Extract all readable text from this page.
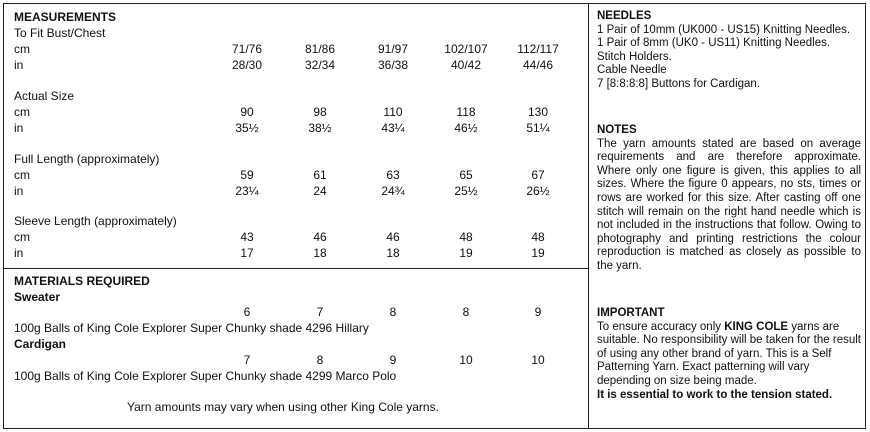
MEASUREMENTS
To Fit Bust/Chest
cm	71/76	81/86	91/97	102/107	112/117
in	28/30	32/34	36/38	40/42	44/46
Actual Size
cm	90	98	110	118	130
in	35½	38½	43¼	46½	51¼
Full Length (approximately)
cm	59	61	63	65	67
in	23¼	24	24¾	25½	26½
Sleeve Length (approximately)
cm	43	46	46	48	48
in	17	18	18	19	19
MATERIALS REQUIRED
Sweater
6	7	8	8	9
100g Balls of King Cole Explorer Super Chunky shade 4296 Hillary
Cardigan
7	8	9	10	10
100g Balls of King Cole Explorer Super Chunky shade 4299 Marco Polo
Yarn amounts may vary when using other King Cole yarns.

NEEDLES

1 Pair of 10mm (UK000 - US15) Knitting Needles.

1 Pair of 8mm (UK0 - US11) Knitting Needles.

Stitch Holders.

Cable Needle

7 [8:8:8:8] Buttons for Cardigan.

NOTES

The yarn amounts stated are based on average requirements and are therefore approximate. Where only one figure is given, this applies to all sizes. Where the figure 0 appears, no sts, times or rows are worked for this size. After casting off one stitch will remain on the right hand needle which is not included in the instructions that follow. Owing to photography and printing restrictions the colour reproduction is matched as closely as possible to the yarn.

IMPORTANT

To ensure accuracy only KING COLE yarns are suitable. No responsibility will be taken for the result of using any other brand of yarn. This is a Self Patterning Yarn. Exact patterning will vary depending on size being made.

It is essential to work to the tension stated.
